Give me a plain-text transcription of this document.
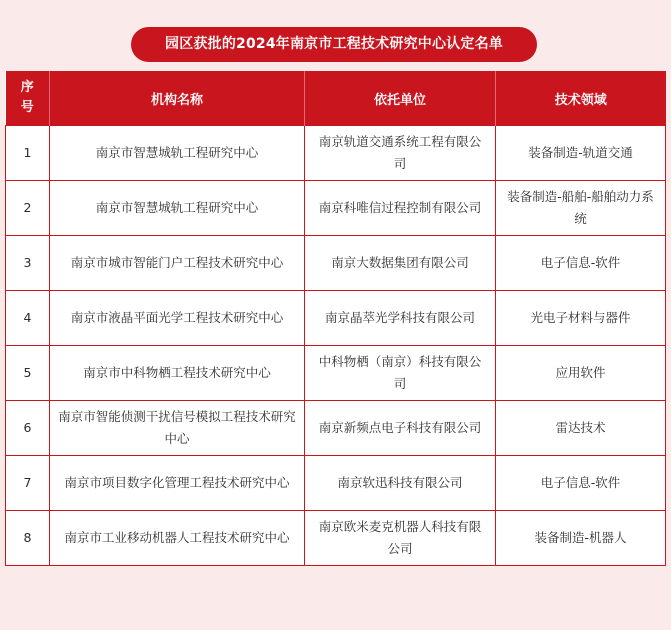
园区获批的2024年南京市工程技术研究中心认定名单
序
号	机构名称	依托单位	技术领域
1	南京市智慧城轨工程研究中心	南京轨道交通系统工程有限公司	装备制造-轨道交通
2	南京市智慧城轨工程研究中心	南京科唯信过程控制有限公司	装备制造-船舶-船舶动力系统
3	南京市城市智能门户工程技术研究中心	南京大数据集团有限公司	电子信息-软件
4	南京市液晶平面光学工程技术研究中心	南京晶萃光学科技有限公司	光电子材料与器件
5	南京市中科物栖工程技术研究中心	中科物栖（南京）科技有限公司	应用软件
6	南京市智能侦测干扰信号模拟工程技术研究中心	南京新频点电子科技有限公司	雷达技术
7	南京市项目数字化管理工程技术研究中心	南京软迅科技有限公司	电子信息-软件
8	南京市工业移动机器人工程技术研究中心	南京欧米麦克机器人科技有限公司	装备制造-机器人
